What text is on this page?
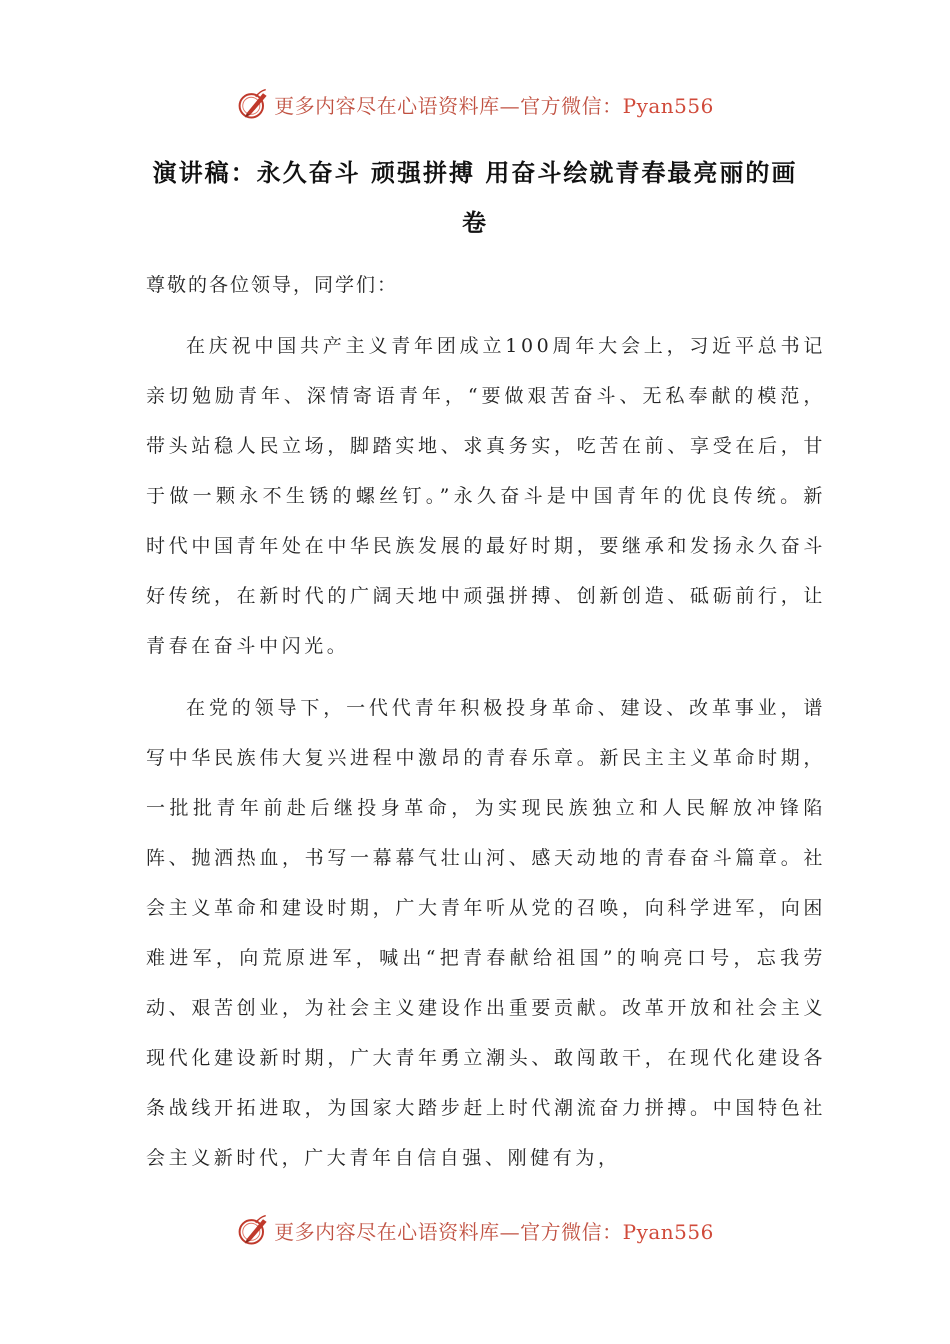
更多内容尽在心语资料库—官方微信：Pyan556
演讲稿：永久奋斗 顽强拼搏 用奋斗绘就青春最亮丽的画卷
尊敬的各位领导，同学们：
在庆祝中国共产主义青年团成立100周年大会上，习近平总书记亲切勉励青年、深情寄语青年，“要做艰苦奋斗、无私奉献的模范，带头站稳人民立场，脚踏实地、求真务实，吃苦在前、享受在后，甘于做一颗永不生锈的螺丝钉。”永久奋斗是中国青年的优良传统。新时代中国青年处在中华民族发展的最好时期，要继承和发扬永久奋斗好传统，在新时代的广阔天地中顽强拼搏、创新创造、砥砺前行，让青春在奋斗中闪光。
在党的领导下，一代代青年积极投身革命、建设、改革事业，谱写中华民族伟大复兴进程中激昂的青春乐章。新民主主义革命时期，一批批青年前赴后继投身革命，为实现民族独立和人民解放冲锋陷阵、抛洒热血，书写一幕幕气壮山河、感天动地的青春奋斗篇章。社会主义革命和建设时期，广大青年听从党的召唤，向科学进军，向困难进军，向荒原进军，喊出“把青春献给祖国”的响亮口号，忘我劳动、艰苦创业，为社会主义建设作出重要贡献。改革开放和社会主义现代化建设新时期，广大青年勇立潮头、敢闯敢干，在现代化建设各条战线开拓进取，为国家大踏步赶上时代潮流奋力拼搏。中国特色社会主义新时代，广大青年自信自强、刚健有为，
更多内容尽在心语资料库—官方微信：Pyan556
